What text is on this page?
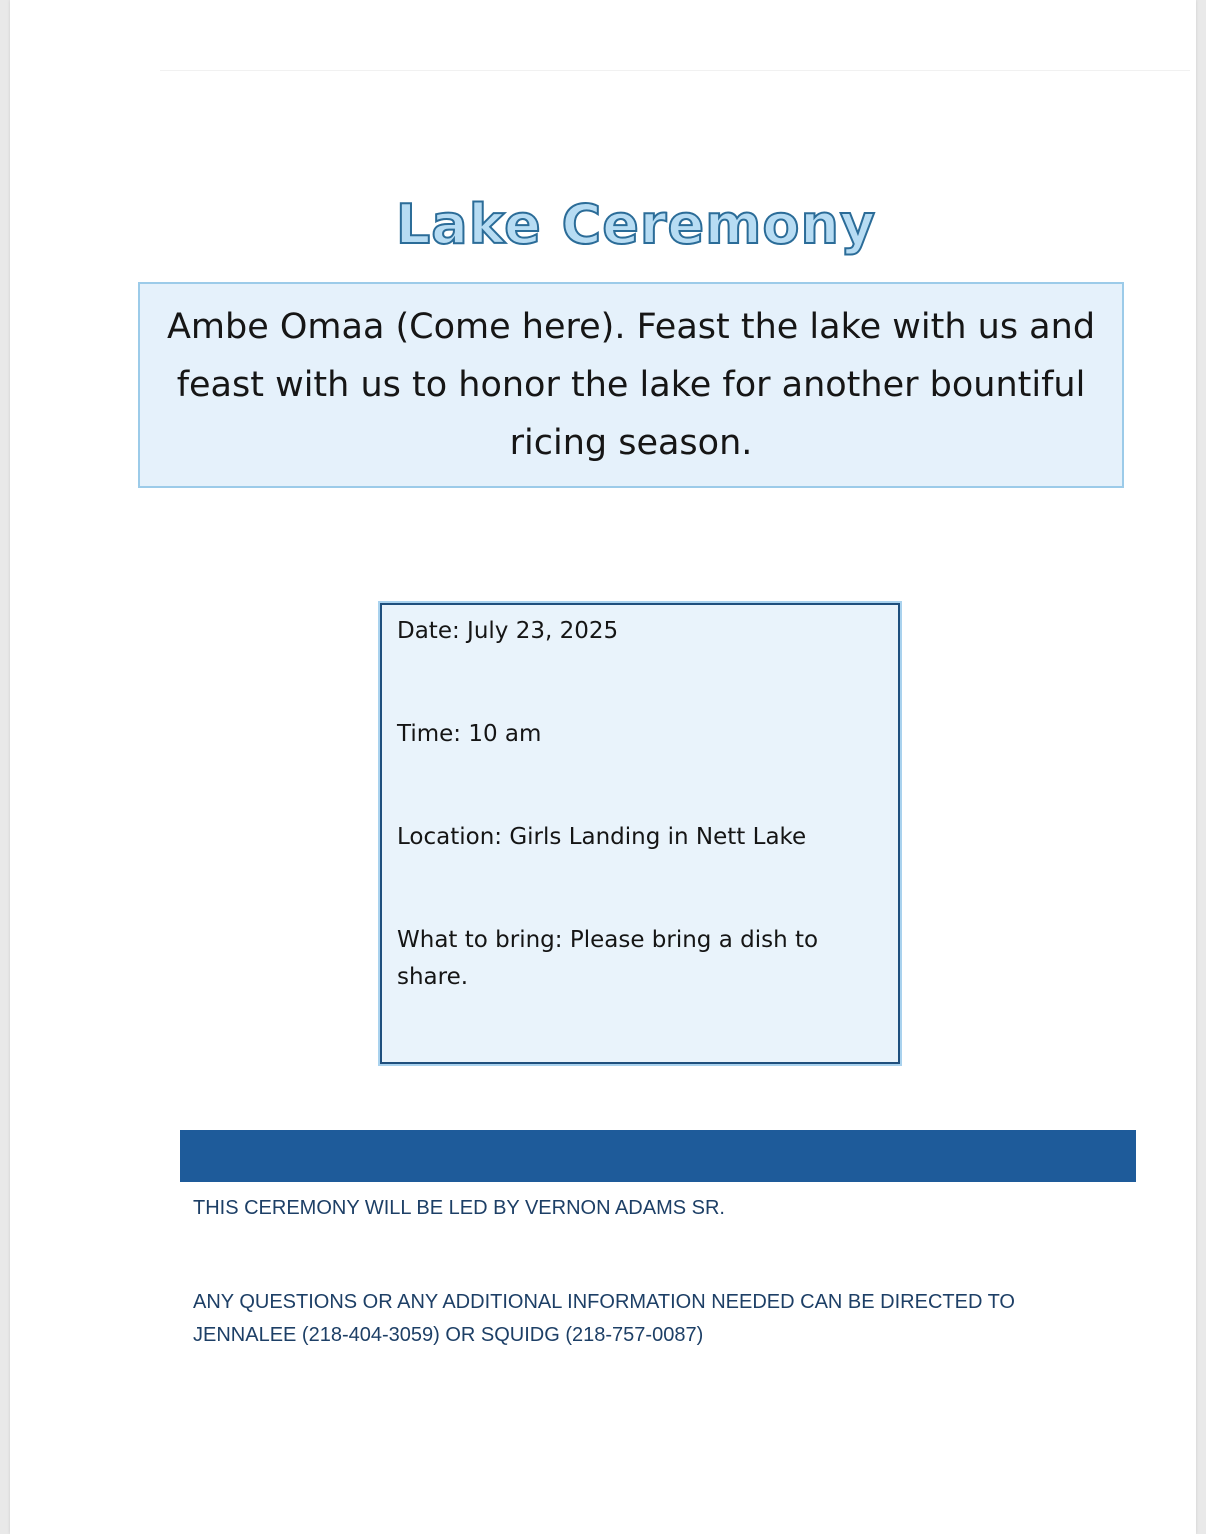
Lake Ceremony

Ambe Omaa (Come here). Feast the lake with us and feast with us to honor the lake for another bountiful ricing season.

Date: July 23, 2025

Time: 10 am

Location: Girls Landing in Nett Lake

What to bring: Please bring a dish to share.

THIS CEREMONY WILL BE LED BY VERNON ADAMS SR.
ANY QUESTIONS OR ANY ADDITIONAL INFORMATION NEEDED CAN BE DIRECTED TO JENNALEE (218-404-3059) OR SQUIDG (218-757-0087)
